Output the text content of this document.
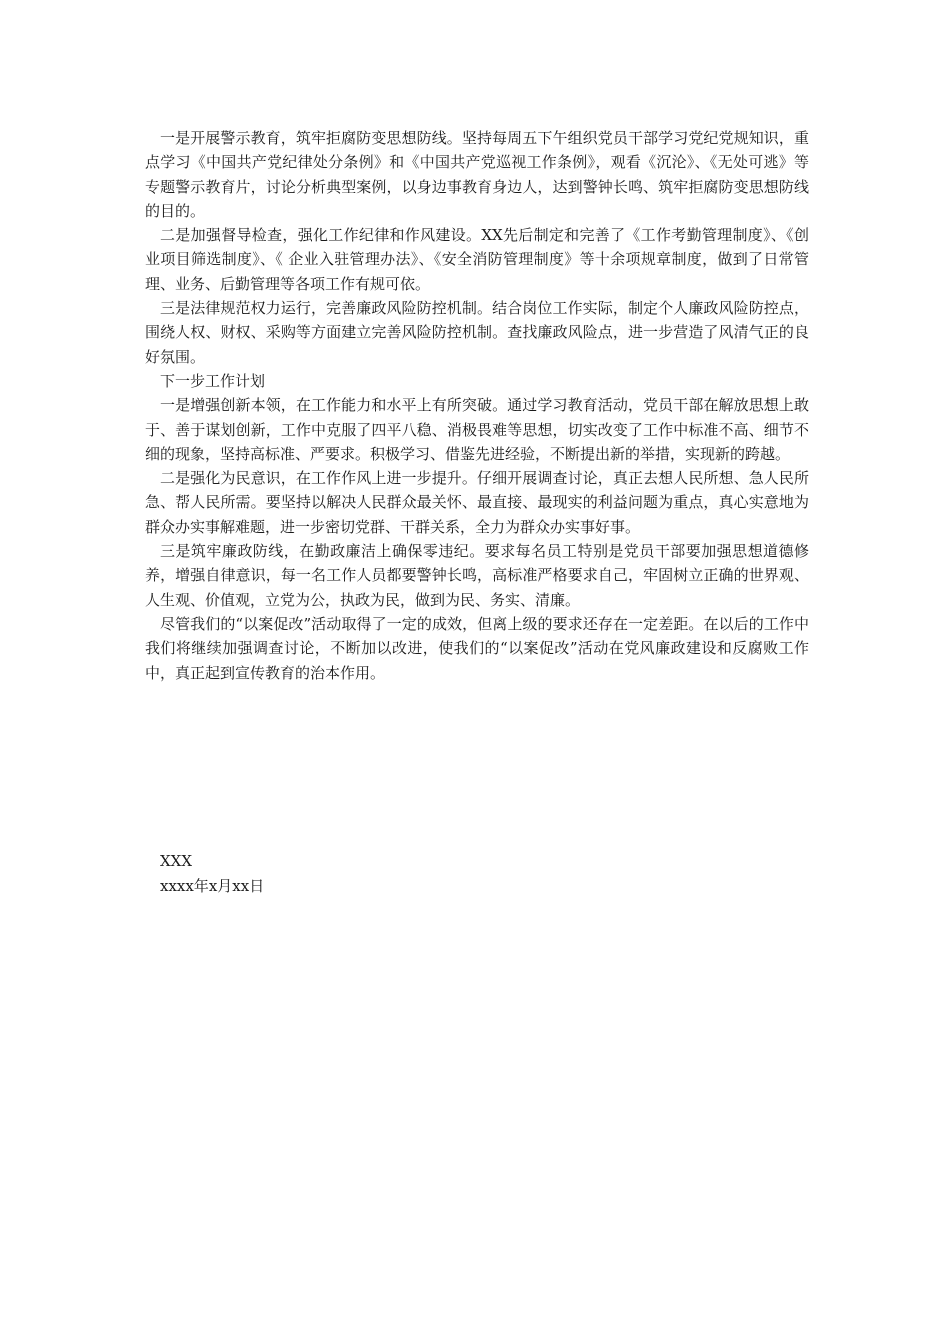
一是开展警示教育，筑牢拒腐防变思想防线。坚持每周五下午组织党员干部学习党纪党规知识，重点学习《中国共产党纪律处分条例》和《中国共产党巡视工作条例》，观看《沉沦》、《无处可逃》等专题警示教育片，讨论分析典型案例，以身边事教育身边人，达到警钟长鸣、筑牢拒腐防变思想防线的目的。

二是加强督导检查，强化工作纪律和作风建设。XX先后制定和完善了《工作考勤管理制度》、《创业项目筛选制度》、《 企业入驻管理办法》、《安全消防管理制度》等十余项规章制度，做到了日常管理、业务、后勤管理等各项工作有规可依。

三是法律规范权力运行，完善廉政风险防控机制。结合岗位工作实际，制定个人廉政风险防控点，围绕人权、财权、采购等方面建立完善风险防控机制。查找廉政风险点，进一步营造了风清气正的良好氛围。

下一步工作计划

一是增强创新本领，在工作能力和水平上有所突破。通过学习教育活动，党员干部在解放思想上敢于、善于谋划创新，工作中克服了四平八稳、消极畏难等思想，切实改变了工作中标准不高、细节不细的现象，坚持高标准、严要求。积极学习、借鉴先进经验，不断提出新的举措，实现新的跨越。

二是强化为民意识，在工作作风上进一步提升。仔细开展调查讨论，真正去想人民所想、急人民所急、帮人民所需。要坚持以解决人民群众最关怀、最直接、最现实的利益问题为重点，真心实意地为群众办实事解难题，进一步密切党群、干群关系，全力为群众办实事好事。

三是筑牢廉政防线，在勤政廉洁上确保零违纪。要求每名员工特别是党员干部要加强思想道德修养，增强自律意识，每一名工作人员都要警钟长鸣，高标准严格要求自己，牢固树立正确的世界观、人生观、价值观，立党为公，执政为民，做到为民、务实、清廉。

尽管我们的“以案促改”活动取得了一定的成效，但离上级的要求还存在一定差距。在以后的工作中我们将继续加强调查讨论，不断加以改进，使我们的“以案促改”活动在党风廉政建设和反腐败工作中，真正起到宣传教育的治本作用。

XXX
xxxx年x月xx日
